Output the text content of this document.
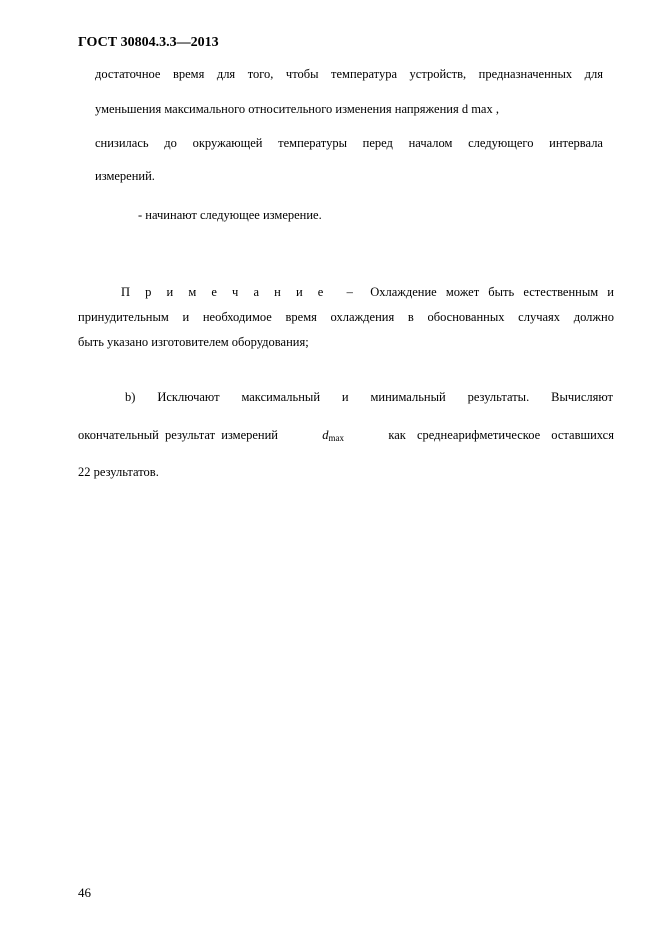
ГОСТ 30804.3.3—2013
достаточное время для того, чтобы температура устройств, предназначенных для
уменьшения максимального относительного изменения напряжения d max ,
снизилась до окружающей температуры перед началом следующего интервала
измерений.
- начинают следующее измерение.
П р и м е ч а н и е – Охлаждение может быть естественным и
принудительным и необходимое время охлаждения в обоснованных случаях должно
быть указано изготовителем оборудования;
b) Исключают максимальный и минимальный результаты. Вычисляют
окончательный результат измерений	$d_{max}$	как среднеарифметическое оставшихся
22 результатов.
46
